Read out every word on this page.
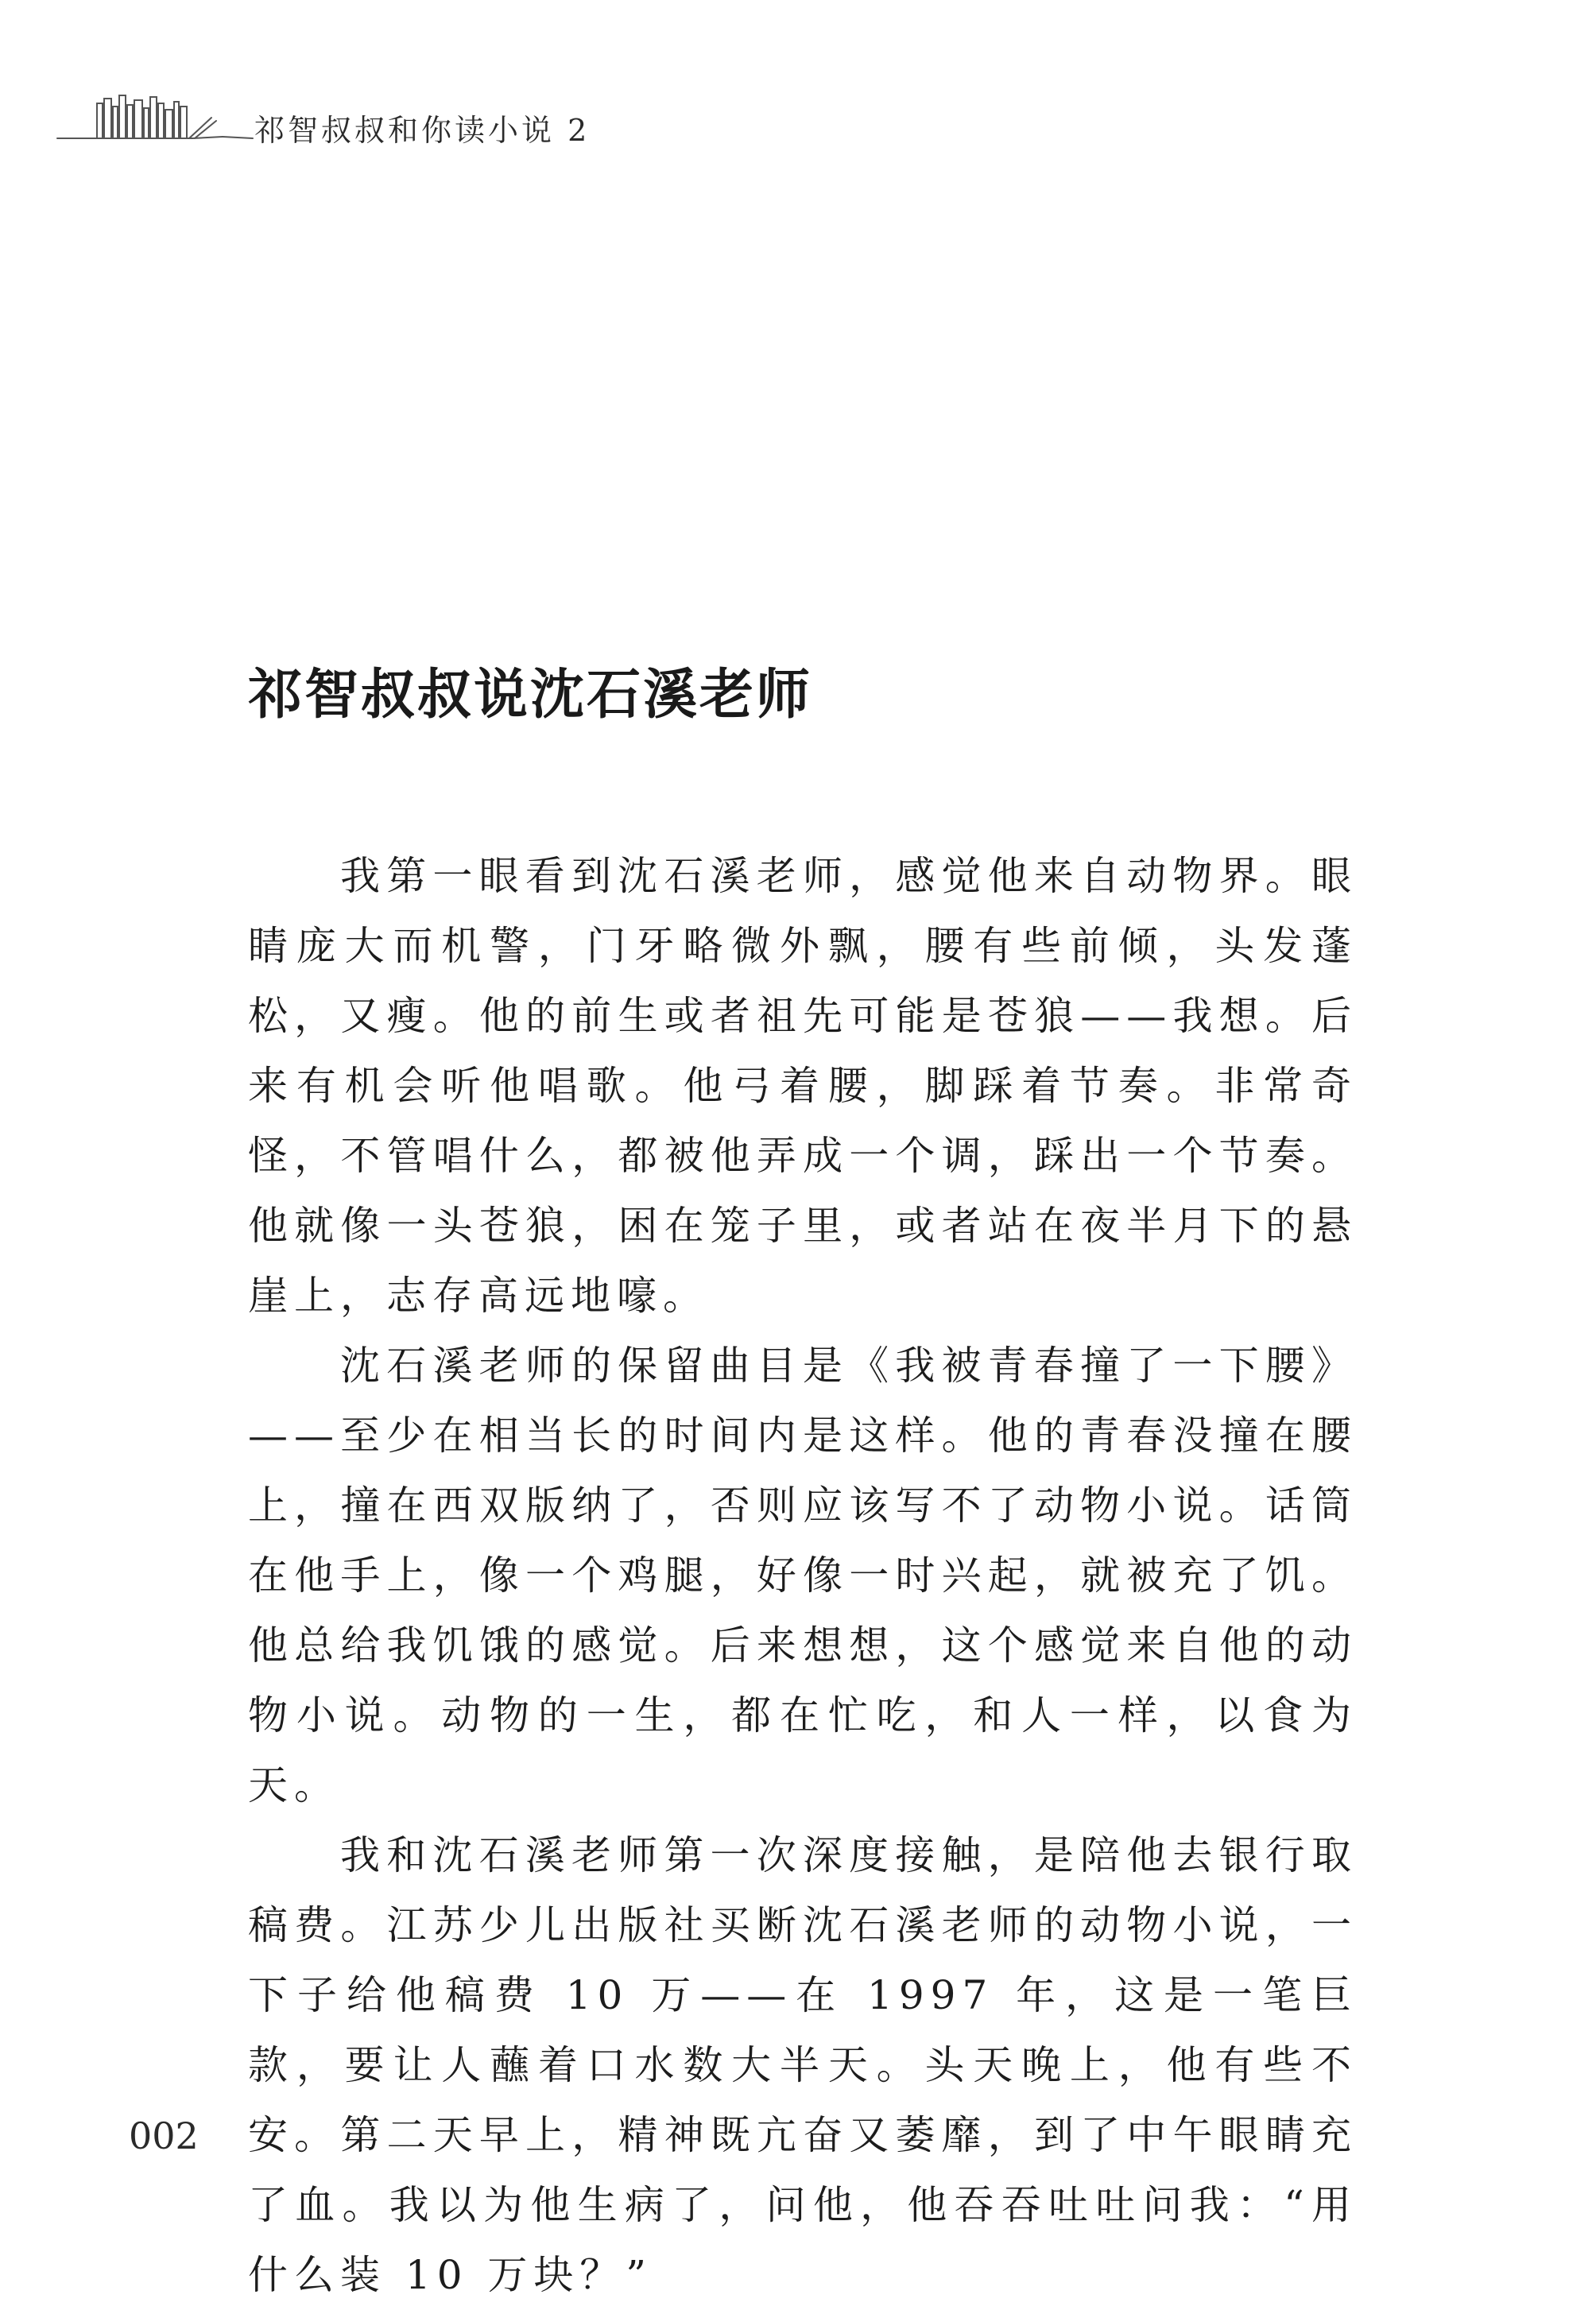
祁智叔叔和你读小说 2
祁智叔叔说沈石溪老师

我第一眼看到沈石溪老师，感觉他来自动物界。眼睛庞大而机警，门牙略微外飘，腰有些前倾，头发蓬松，又瘦。他的前生或者祖先可能是苍狼——我想。后来有机会听他唱歌。他弓着腰，脚踩着节奏。非常奇怪，不管唱什么，都被他弄成一个调，踩出一个节奏。他就像一头苍狼，困在笼子里，或者站在夜半月下的悬崖上，志存高远地嚎。

沈石溪老师的保留曲目是《我被青春撞了一下腰》——至少在相当长的时间内是这样。他的青春没撞在腰上，撞在西双版纳了，否则应该写不了动物小说。话筒在他手上，像一个鸡腿，好像一时兴起，就被充了饥。他总给我饥饿的感觉。后来想想，这个感觉来自他的动物小说。动物的一生，都在忙吃，和人一样，以食为天。

我和沈石溪老师第一次深度接触，是陪他去银行取稿费。江苏少儿出版社买断沈石溪老师的动物小说，一下子给他稿费 10 万——在 1997 年，这是一笔巨款，要让人蘸着口水数大半天。头天晚上，他有些不安。第二天早上，精神既亢奋又萎靡，到了中午眼睛充了血。我以为他生病了，问他，他吞吞吐吐问我：“用什么装 10 万块？”

002
